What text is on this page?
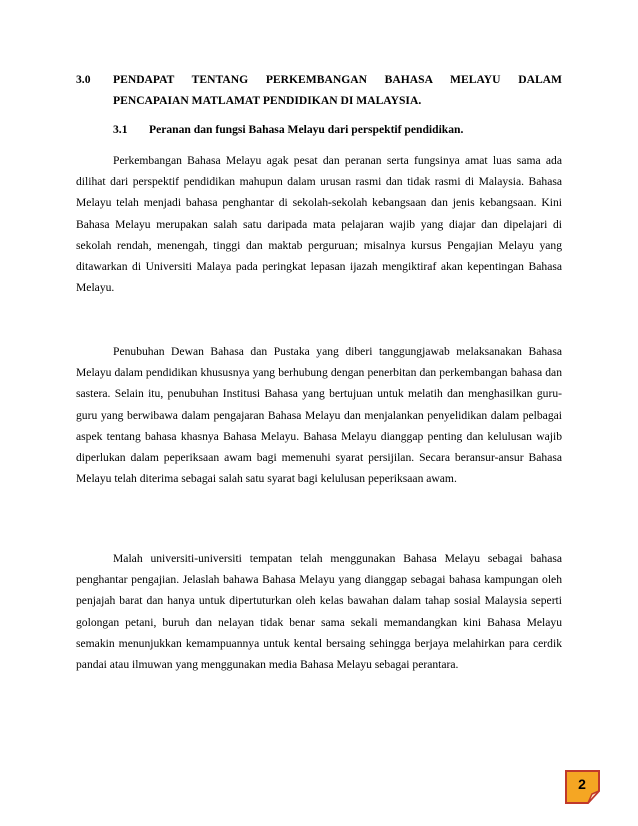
3.0 PENDAPAT TENTANG PERKEMBANGAN BAHASA MELAYU DALAM PENCAPAIAN MATLAMAT PENDIDIKAN DI MALAYSIA.
3.1 Peranan dan fungsi Bahasa Melayu dari perspektif pendidikan.

Perkembangan Bahasa Melayu agak pesat dan peranan serta fungsinya amat luas sama ada dilihat dari perspektif pendidikan mahupun dalam urusan rasmi dan tidak rasmi di Malaysia. Bahasa Melayu telah menjadi bahasa penghantar di sekolah-sekolah kebangsaan dan jenis kebangsaan. Kini Bahasa Melayu merupakan salah satu daripada mata pelajaran wajib yang diajar dan dipelajari di sekolah rendah, menengah, tinggi dan maktab perguruan; misalnya kursus Pengajian Melayu yang ditawarkan di Universiti Malaya pada peringkat lepasan ijazah mengiktiraf akan kepentingan Bahasa Melayu.

Penubuhan Dewan Bahasa dan Pustaka yang diberi tanggungjawab melaksanakan Bahasa Melayu dalam pendidikan khususnya yang berhubung dengan penerbitan dan perkembangan bahasa dan sastera. Selain itu, penubuhan Institusi Bahasa yang bertujuan untuk melatih dan menghasilkan guru-guru yang berwibawa dalam pengajaran Bahasa Melayu dan menjalankan penyelidikan dalam pelbagai aspek tentang bahasa khasnya Bahasa Melayu. Bahasa Melayu dianggap penting dan kelulusan wajib diperlukan dalam peperiksaan awam bagi memenuhi syarat persijilan. Secara beransur-ansur Bahasa Melayu telah diterima sebagai salah satu syarat bagi kelulusan peperiksaan awam.

Malah universiti-universiti tempatan telah menggunakan Bahasa Melayu sebagai bahasa penghantar pengajian. Jelaslah bahawa Bahasa Melayu yang dianggap sebagai bahasa kampungan oleh penjajah barat dan hanya untuk dipertuturkan oleh kelas bawahan dalam tahap sosial Malaysia seperti golongan petani, buruh dan nelayan tidak benar sama sekali memandangkan kini Bahasa Melayu semakin menunjukkan kemampuannya untuk kental bersaing sehingga berjaya melahirkan para cerdik pandai atau ilmuwan yang menggunakan media Bahasa Melayu sebagai perantara.

2
